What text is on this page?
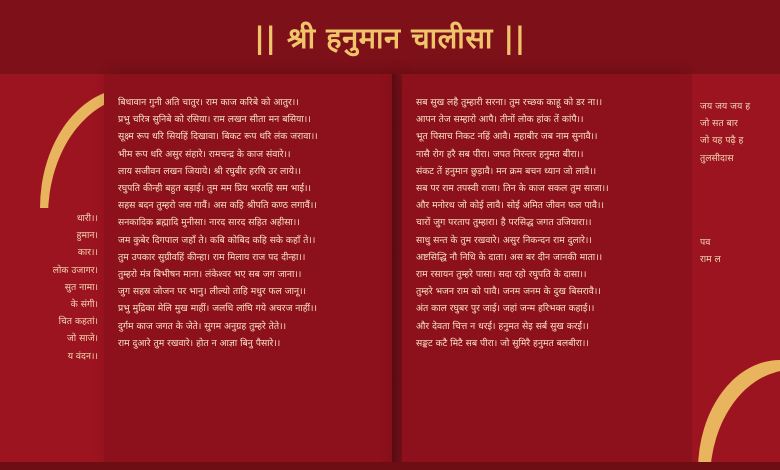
|| श्री हनुमान चालीसा ||
धारी।।
हुमान।
कार।।
लोक उजागर।
सुत नामा।
के संगी।
चित कहतां।
जो साजे।
य वंदन।।
बिधावान गुनी अति चातुर। राम काज करिबे को आतुर।।
प्रभु चरित्र सुनिबे को रसिया। राम लखन सीता मन बसिया।।
सूक्ष्म रूप धरि सियहिं दिखावा। बिकट रूप धरि लंक जरावा।।
भीम रूप धरि असुर संहारे। रामचन्द्र के काज संवारे।।
लाय सजीवन लखन जियाये। श्री रघुबीर हरषि उर लाये।।
रघुपति कीन्ही बहुत बड़ाई। तुम मम प्रिय भरतहि सम भाई।।
सहस बदन तुम्हरो जस गावैं। अस कहि श्रीपति कण्ठ लगावैं।।
सनकादिक ब्रह्मादि मुनीसा। नारद सारद सहित अहीसा।।
जम कुबेर दिगपाल जहाँ ते। कबि कोबिद कहि सके कहाँ ते।।
तुम उपकार सुग्रीवहिं कीन्हा। राम मिलाय राज पद दीन्हा।।
तुम्हरो मंत्र बिभीषन माना। लंकेश्वर भए सब जग जाना।।
जुग सहस्र जोजन पर भानु। लील्यो ताहि मधुर फल जानू।।
प्रभु मुद्रिका मेलि मुख माहीं। जलधि लांघि गये अचरज नाहीं।।
दुर्गम काज जगत के जेते। सुगम अनुग्रह तुम्हरे तेते।।
राम दुआरे तुम रखवारे। होत न आज्ञा बिनु पैसारे।।
सब सुख लहै तुम्हारी सरना। तुम रच्छक काहू को डर ना।।
आपन तेज सम्हारो आपै। तीनों लोक हांक तें कांपै।।
भूत पिसाच निकट नहिं आवै। महाबीर जब नाम सुनावै।।
नासै रोग हरै सब पीरा। जपत निरन्तर हनुमत बीरा।।
संकट तें हनुमान छुड़ावै। मन क्रम बचन ध्यान जो लावै।।
सब पर राम तपस्वी राजा। तिन के काज सकल तुम साजा।।
और मनोरथ जो कोई लावै। सोई अमित जीवन फल पावै।।
चारों जुग परताप तुम्हारा। है परसिद्ध जगत उजियारा।।
साधु सन्त के तुम रखवारे। असुर निकन्दन राम दुलारे।।
अष्टसिद्धि नौ निधि के दाता। अस बर दीन जानकी माता।।
राम रसायन तुम्हरे पासा। सदा रहो रघुपति के दासा।।
तुम्हरे भजन राम को पावै। जनम जनम के दुख बिसरावै।।
अंत काल रघुबर पुर जाई। जहां जन्म हरिभक्त कहाई।।
और देवता चित्त न धरई। हनुमत सेइ सर्ब सुख करई।।
सङ्कट कटै मिटै सब पीरा। जो सुमिरै हनुमत बलबीरा।।
जय जय जय ह
जो सत बार
जो यह पढ़ै ह
तुलसीदास
पव
राम ल
